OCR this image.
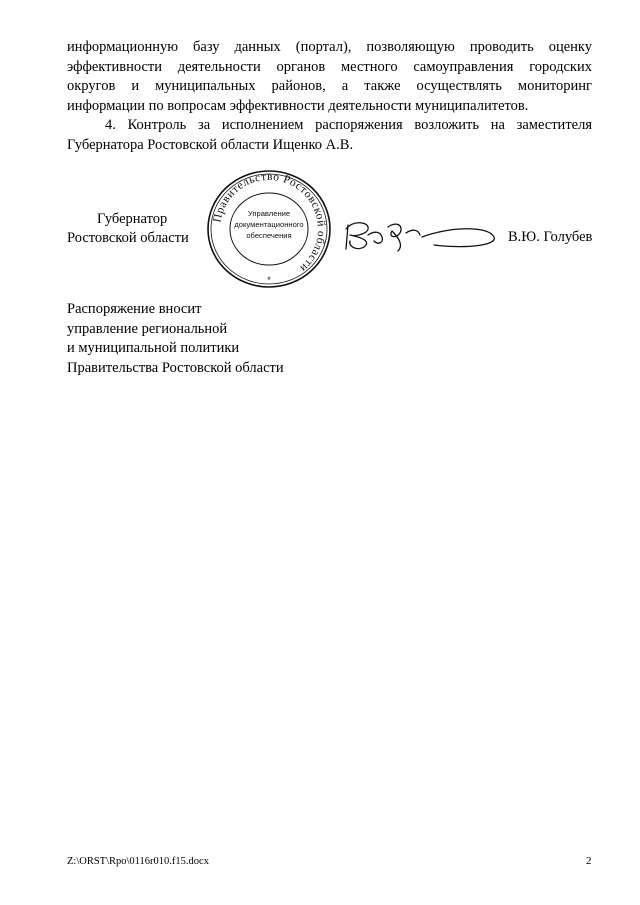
информационную базу данных (портал), позволяющую проводить оценку
эффективности деятельности органов местного самоуправления городских
округов и муниципальных районов, а также осуществлять мониторинг
информации по вопросам эффективности деятельности муниципалитетов.
4. Контроль за исполнением распоряжения возложить на заместителя
Губернатора Ростовской области Ищенко А.В.
Губернатор
Ростовской области
Правительство Ростовской области
Управление
документационного
обеспечения
*
В.Ю. Голубев
Распоряжение вносит
управление региональной
и муниципальной политики
Правительства Ростовской области
Z:\ORST\Rpo\0116r010.f15.docx	2
